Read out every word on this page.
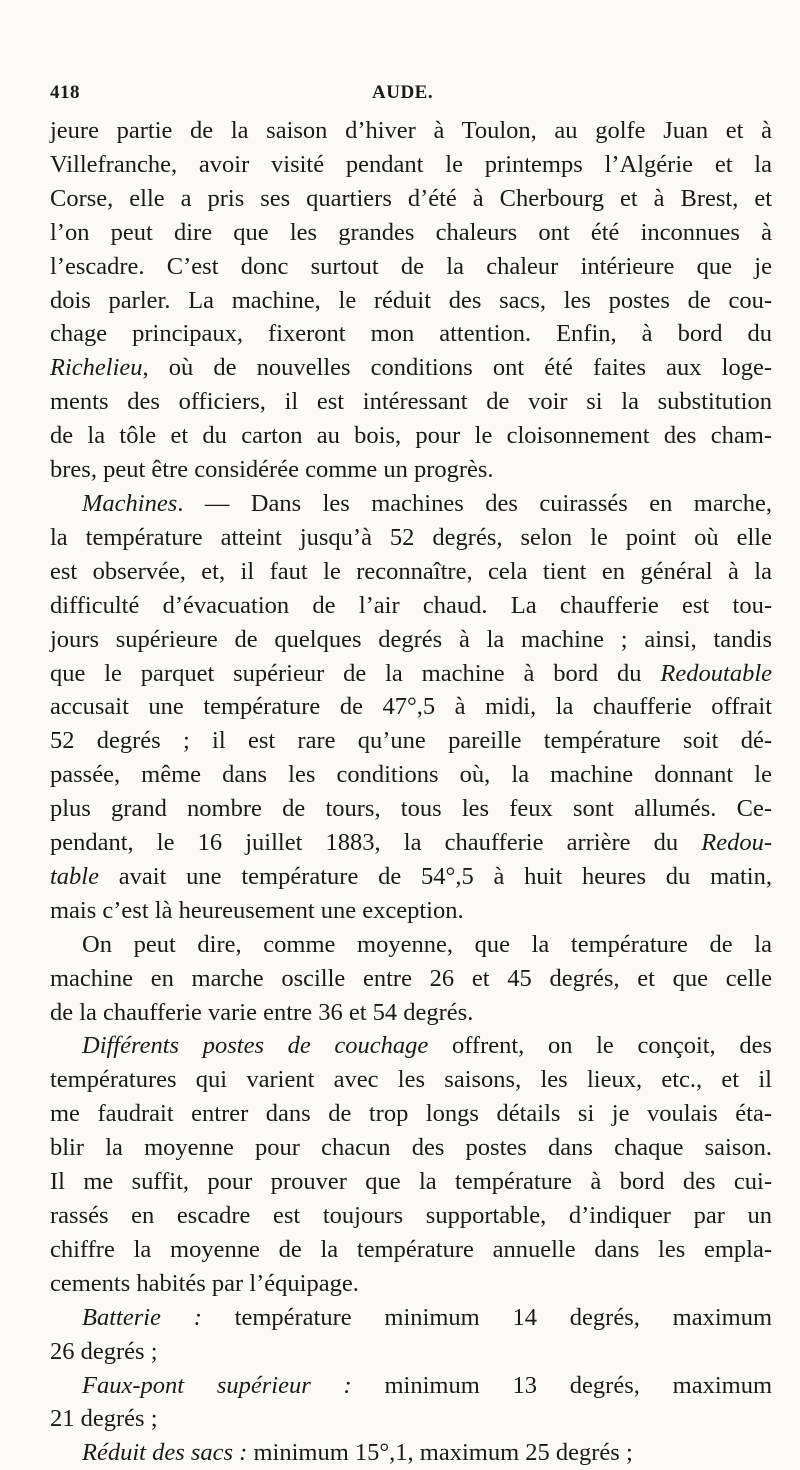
418	AUDE.

jeure partie de la saison d’hiver à Toulon, au golfe Juan et à
Villefranche, avoir visité pendant le printemps l’Algérie et la
Corse, elle a pris ses quartiers d’été à Cherbourg et à Brest, et
l’on peut dire que les grandes chaleurs ont été inconnues à
l’escadre. C’est donc surtout de la chaleur intérieure que je
dois parler. La machine, le réduit des sacs, les postes de cou-
chage principaux, fixeront mon attention. Enfin, à bord du
Richelieu, où de nouvelles conditions ont été faites aux loge-
ments des officiers, il est intéressant de voir si la substitution
de la tôle et du carton au bois, pour le cloisonnement des cham-
bres, peut être considérée comme un progrès.

Machines. — Dans les machines des cuirassés en marche,
la température atteint jusqu’à 52 degrés, selon le point où elle
est observée, et, il faut le reconnaître, cela tient en général à la
difficulté d’évacuation de l’air chaud. La chaufferie est tou-
jours supérieure de quelques degrés à la machine ; ainsi, tandis
que le parquet supérieur de la machine à bord du Redoutable
accusait une température de 47°,5 à midi, la chaufferie offrait
52 degrés ; il est rare qu’une pareille température soit dé-
passée, même dans les conditions où, la machine donnant le
plus grand nombre de tours, tous les feux sont allumés. Ce-
pendant, le 16 juillet 1883, la chaufferie arrière du Redou-
table avait une température de 54°,5 à huit heures du matin,
mais c’est là heureusement une exception.

On peut dire, comme moyenne, que la température de la
machine en marche oscille entre 26 et 45 degrés, et que celle
de la chaufferie varie entre 36 et 54 degrés.

Différents postes de couchage offrent, on le conçoit, des
températures qui varient avec les saisons, les lieux, etc., et il
me faudrait entrer dans de trop longs détails si je voulais éta-
blir la moyenne pour chacun des postes dans chaque saison.
Il me suffit, pour prouver que la température à bord des cui-
rassés en escadre est toujours supportable, d’indiquer par un
chiffre la moyenne de la température annuelle dans les empla-
cements habités par l’équipage.

Batterie : température minimum 14 degrés, maximum
26 degrés ;

Faux-pont supérieur : minimum 13 degrés, maximum
21 degrés ;

Réduit des sacs : minimum 15°,1, maximum 25 degrés ;
